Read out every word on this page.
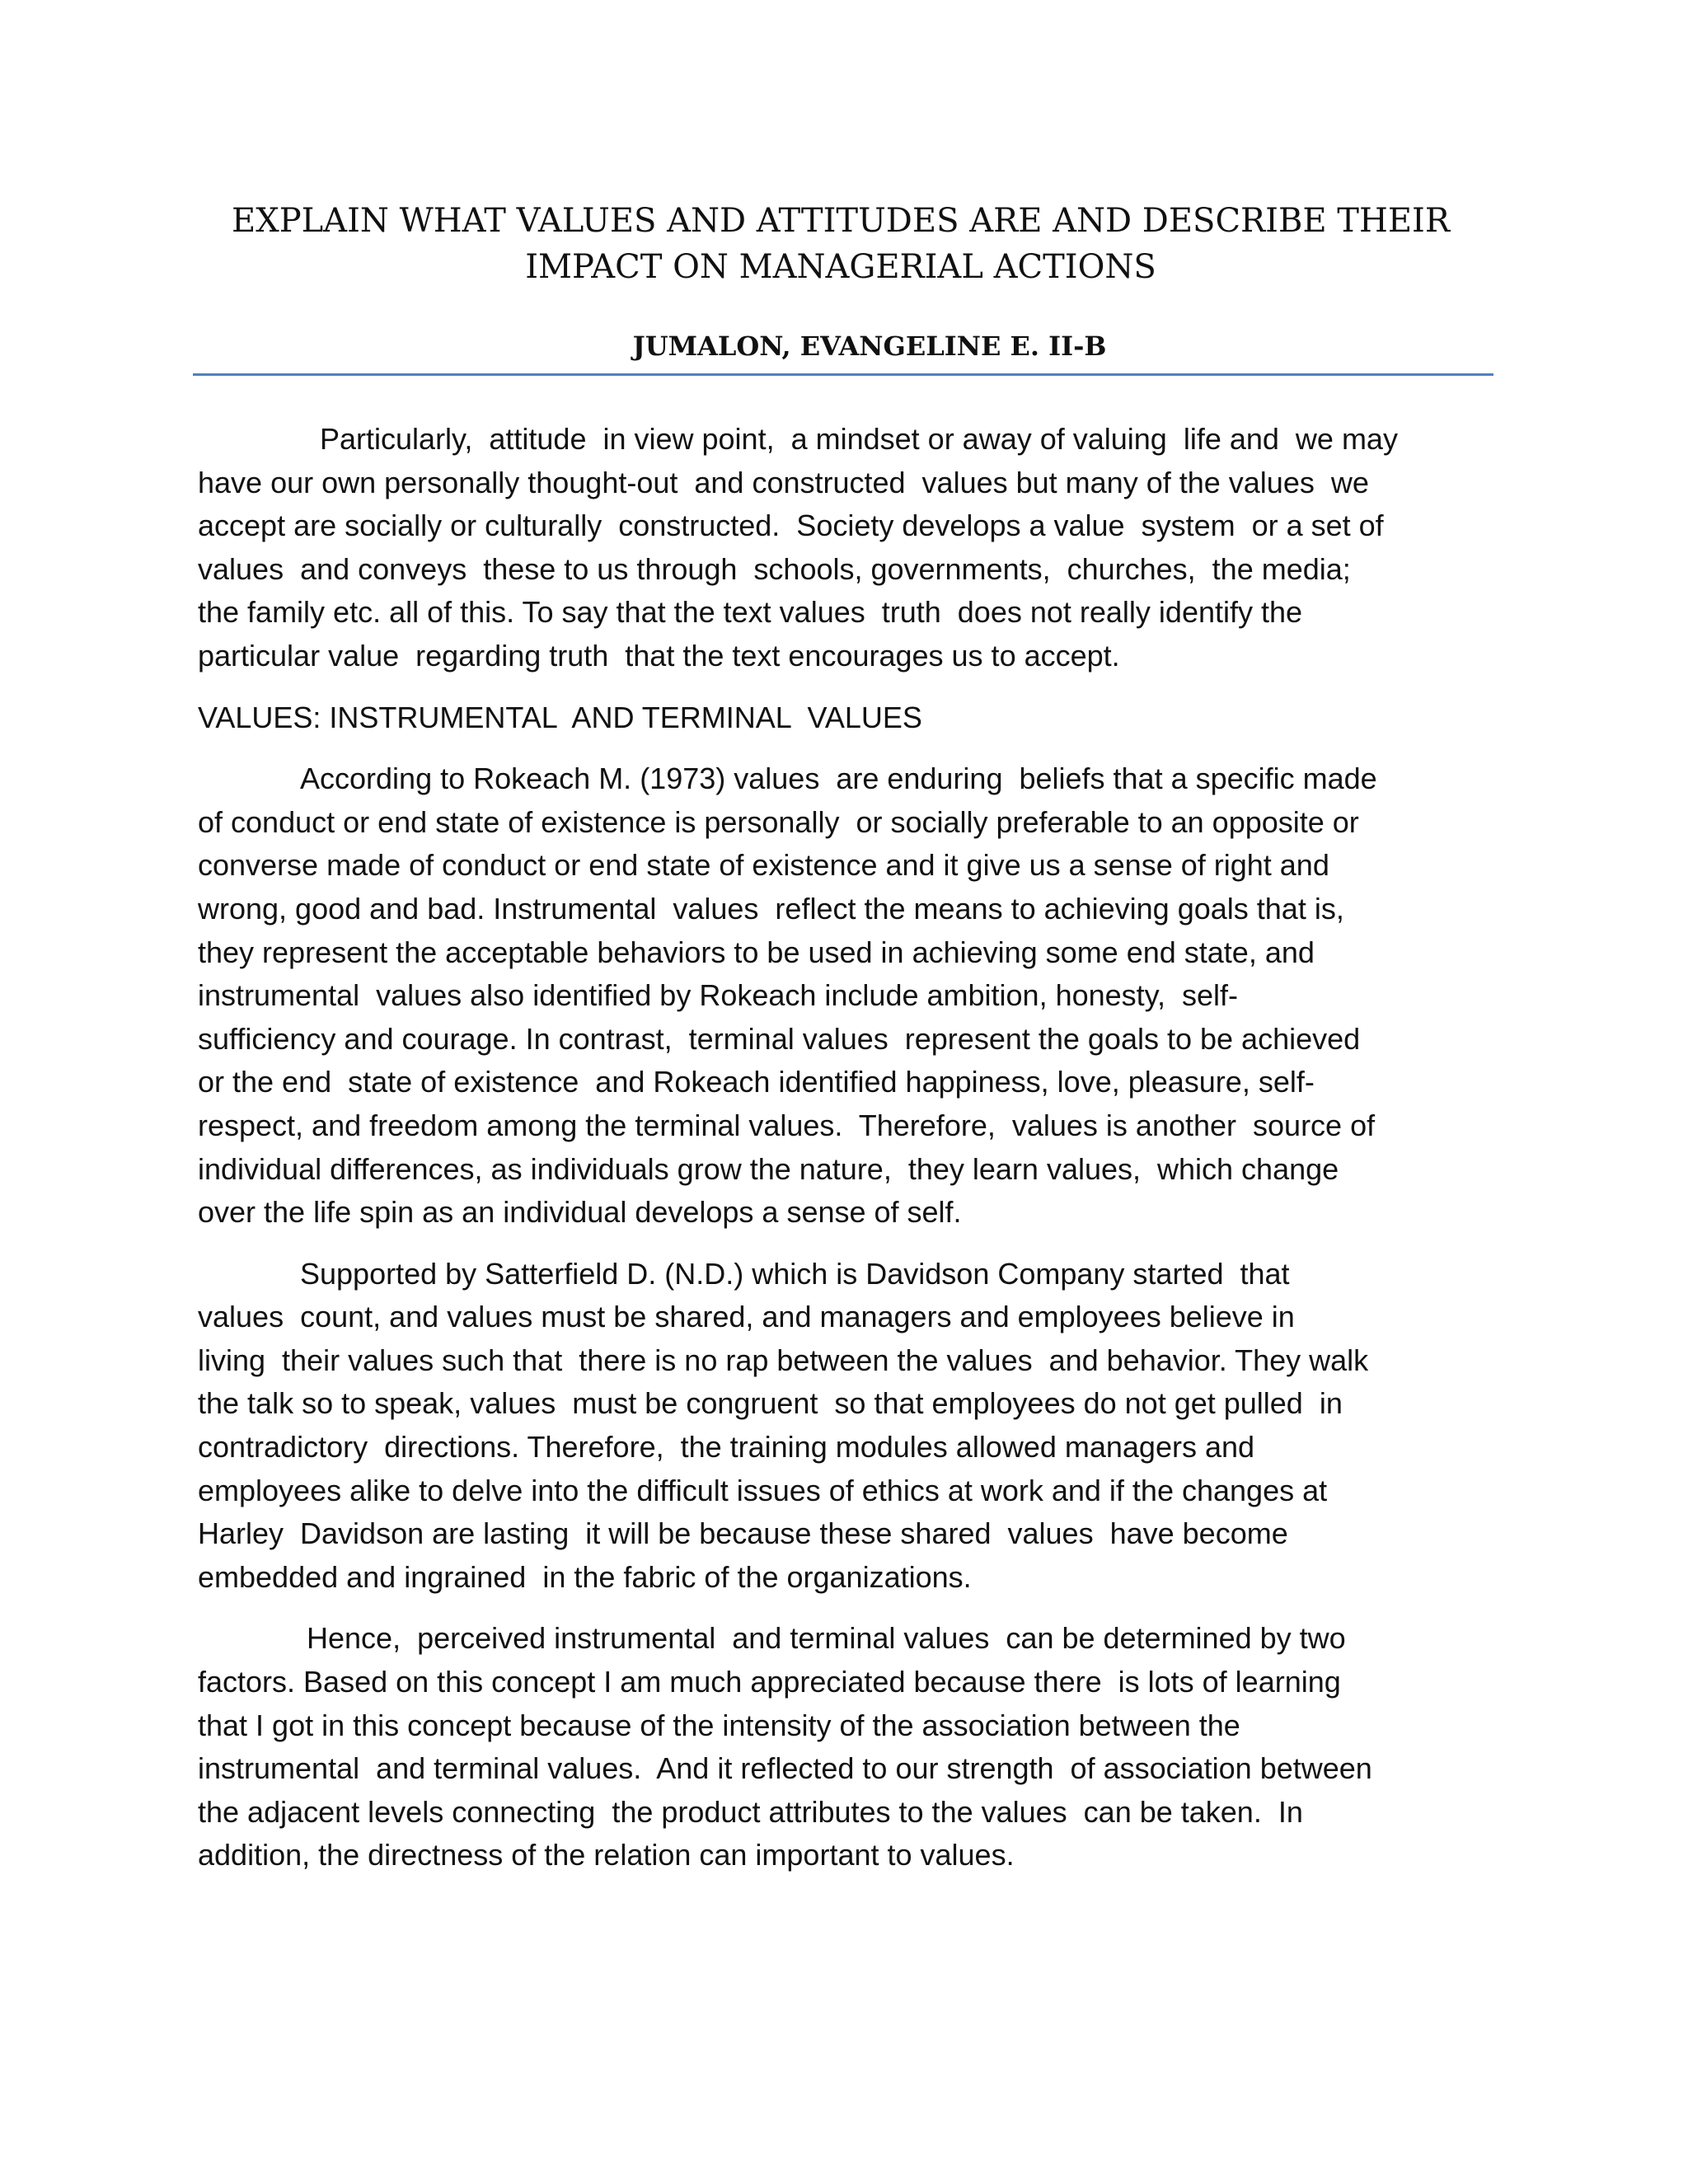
EXPLAIN WHAT VALUES AND ATTITUDES ARE AND DESCRIBE THEIR
IMPACT ON MANAGERIAL ACTIONS
JUMALON, EVANGELINE E. II-B

Particularly,  attitude  in view point,  a mindset or away of valuing  life and  we may
have our own personally thought-out  and constructed  values but many of the values  we
accept are socially or culturally  constructed.  Society develops a value  system  or a set of
values  and conveys  these to us through  schools, governments,  churches,  the media;
the family etc. all of this. To say that the text values  truth  does not really identify the
particular value  regarding truth  that the text encourages us to accept.

VALUES: INSTRUMENTAL  AND TERMINAL  VALUES

According to Rokeach M. (1973) values  are enduring  beliefs that a specific made
of conduct or end state of existence is personally  or socially preferable to an opposite or
converse made of conduct or end state of existence and it give us a sense of right and
wrong, good and bad. Instrumental  values  reflect the means to achieving goals that is,
they represent the acceptable behaviors to be used in achieving some end state, and
instrumental  values also identified by Rokeach include ambition, honesty,  self-
sufficiency and courage. In contrast,  terminal values  represent the goals to be achieved
or the end  state of existence  and Rokeach identified happiness, love, pleasure, self-
respect, and freedom among the terminal values.  Therefore,  values is another  source of
individual differences, as individuals grow the nature,  they learn values,  which change
over the life spin as an individual develops a sense of self.

Supported by Satterfield D. (N.D.) which is Davidson Company started  that
values  count, and values must be shared, and managers and employees believe in
living  their values such that  there is no rap between the values  and behavior. They walk
the talk so to speak, values  must be congruent  so that employees do not get pulled  in
contradictory  directions. Therefore,  the training modules allowed managers and
employees alike to delve into the difficult issues of ethics at work and if the changes at
Harley  Davidson are lasting  it will be because these shared  values  have become
embedded and ingrained  in the fabric of the organizations.

Hence,  perceived instrumental  and terminal values  can be determined by two
factors. Based on this concept I am much appreciated because there  is lots of learning
that I got in this concept because of the intensity of the association between the
instrumental  and terminal values.  And it reflected to our strength  of association between
the adjacent levels connecting  the product attributes to the values  can be taken.  In
addition, the directness of the relation can important to values.
